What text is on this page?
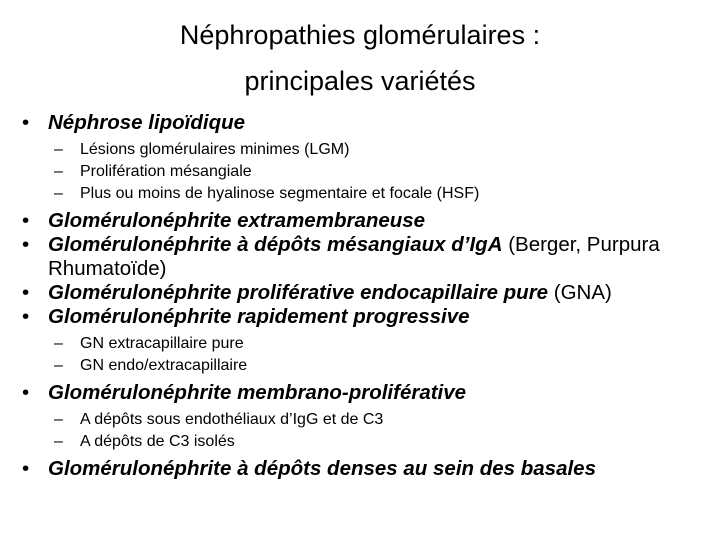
Néphropathies glomérulaires :
principales variétés
• Néphrose lipoïdique
– Lésions glomérulaires minimes (LGM)
– Prolifération mésangiale
– Plus ou moins de hyalinose segmentaire et focale (HSF)
• Glomérulonéphrite extramembraneuse
• Glomérulonéphrite à dépôts mésangiaux d’IgA (Berger, Purpura Rhumatoïde)
• Glomérulonéphrite proliférative endocapillaire pure (GNA)
• Glomérulonéphrite rapidement progressive
– GN extracapillaire pure
– GN endo/extracapillaire
• Glomérulonéphrite membrano-proliférative
– A dépôts sous endothéliaux d’IgG et de C3
– A dépôts de C3 isolés
• Glomérulonéphrite à dépôts denses au sein des basales
